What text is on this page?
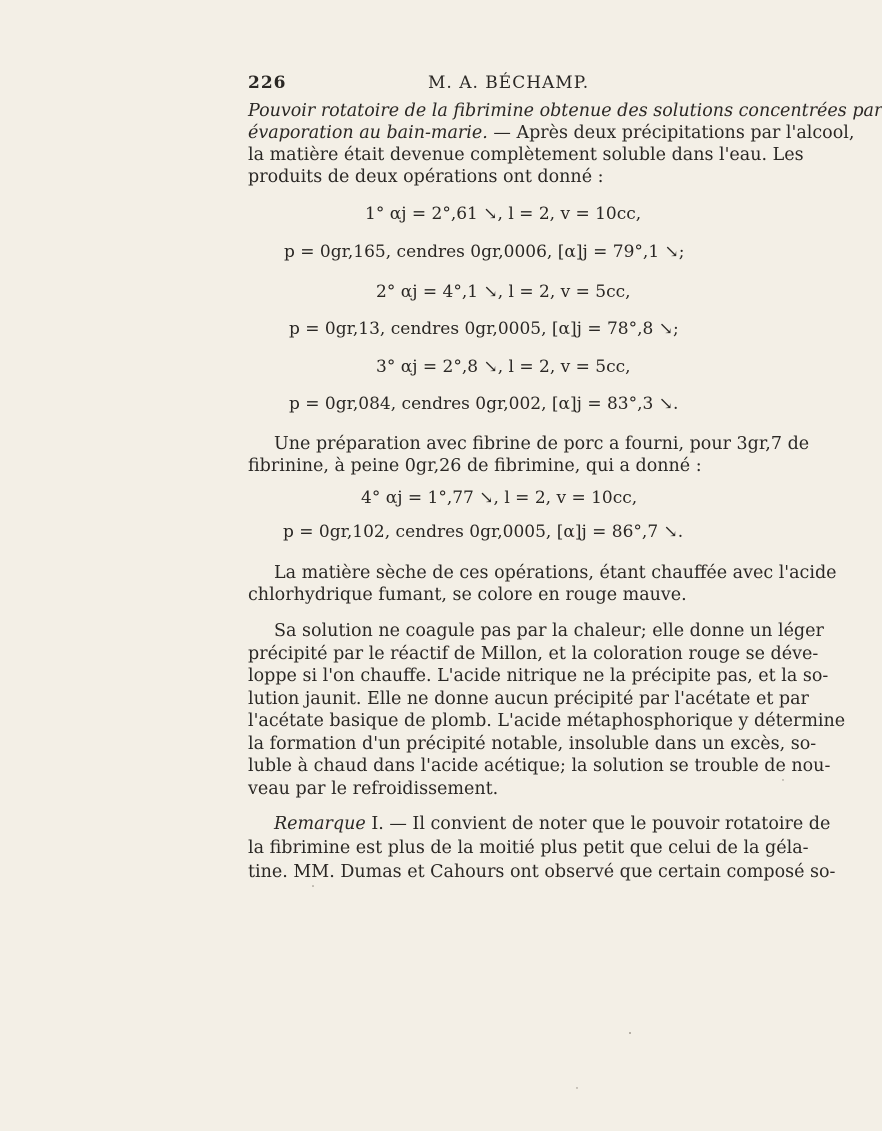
226	M. A. BÉCHAMP.
Pouvoir rotatoire de la fibrimine obtenue des solutions concentrées par
évaporation au bain-marie. — Après deux précipitations par l'alcool,
la matière était devenue complètement soluble dans l'eau. Les
produits de deux opérations ont donné :
1° αj = 2°,61 ↘, l = 2, v = 10cc,
p = 0gr,165, cendres 0gr,0006, [α]j = 79°,1 ↘;
2° αj = 4°,1 ↘, l = 2, v = 5cc,
p = 0gr,13, cendres 0gr,0005, [α]j = 78°,8 ↘;
3° αj = 2°,8 ↘, l = 2, v = 5cc,
p = 0gr,084, cendres 0gr,002, [α]j = 83°,3 ↘.
Une préparation avec fibrine de porc a fourni, pour 3gr,7 de
fibrinine, à peine 0gr,26 de fibrimine, qui a donné :
4° αj = 1°,77 ↘, l = 2, v = 10cc,
p = 0gr,102, cendres 0gr,0005, [α]j = 86°,7 ↘.
La matière sèche de ces opérations, étant chauffée avec l'acide
chlorhydrique fumant, se colore en rouge mauve.
Sa solution ne coagule pas par la chaleur; elle donne un léger
précipité par le réactif de Millon, et la coloration rouge se déve-
loppe si l'on chauffe. L'acide nitrique ne la précipite pas, et la so-
lution jaunit. Elle ne donne aucun précipité par l'acétate et par
l'acétate basique de plomb. L'acide métaphosphorique y détermine
la formation d'un précipité notable, insoluble dans un excès, so-
luble à chaud dans l'acide acétique; la solution se trouble de nou-
veau par le refroidissement.
Remarque I. — Il convient de noter que le pouvoir rotatoire de
la fibrimine est plus de la moitié plus petit que celui de la géla-
tine. MM. Dumas et Cahours ont observé que certain composé so-
